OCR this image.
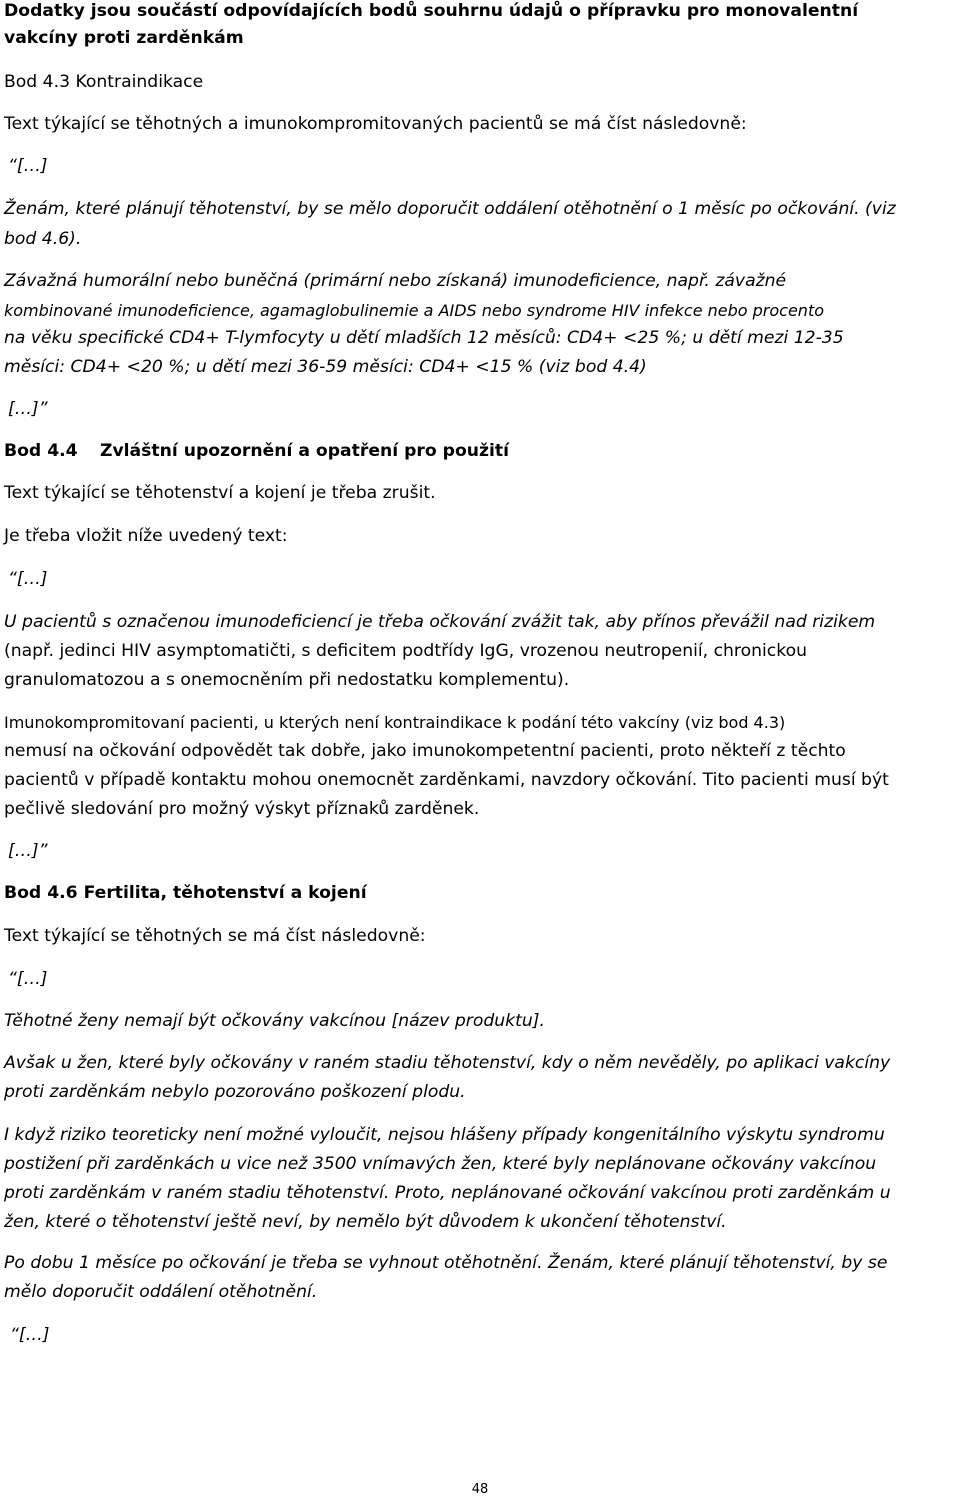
Dodatky jsou součástí odpovídajících bodů souhrnu údajů o přípravku pro monovalentní

vakcíny proti zarděnkám

Bod 4.3 Kontraindikace

Text týkající se těhotných a imunokompromitovaných pacientů se má číst následovně:

“[…]

Ženám, které plánují těhotenství, by se mělo doporučit oddálení otěhotnění o 1 měsíc po očkování. (viz

bod 4.6).

Závažná humorální nebo buněčná (primární nebo získaná) imunodeficience, např. závažné

kombinované imunodeficience, agamaglobulinemie a AIDS nebo syndrome HIV infekce nebo procento

na věku specifické CD4+ T-lymfocyty u dětí mladších 12 měsíců: CD4+ <25 %; u dětí mezi 12-35

měsíci: CD4+ <20 %; u dětí mezi 36-59 měsíci: CD4+ <15 % (viz bod 4.4)

[…]”

Bod 4.4 Zvláštní upozornění a opatření pro použití

Text týkající se těhotenství a kojení je třeba zrušit.

Je třeba vložit níže uvedený text:

“[…]

U pacientů s označenou imunodeficiencí je třeba očkování zvážit tak, aby přínos převážil nad rizikem

(např. jedinci HIV asymptomatičti, s deficitem podtřídy IgG, vrozenou neutropenií, chronickou

granulomatozou a s onemocněním při nedostatku komplementu).

Imunokompromitovaní pacienti, u kterých není kontraindikace k podání této vakcíny (viz bod 4.3)

nemusí na očkování odpovědět tak dobře, jako imunokompetentní pacienti, proto někteří z těchto

pacientů v případě kontaktu mohou onemocnět zarděnkami, navzdory očkování. Tito pacienti musí být

pečlivě sledování pro možný výskyt příznaků zarděnek.

[…]”

Bod 4.6 Fertilita, těhotenství a kojení

Text týkající se těhotných se má číst následovně:

“[…]

Těhotné ženy nemají být očkovány vakcínou [název produktu].

Avšak u žen, které byly očkovány v raném stadiu těhotenství, kdy o něm nevěděly, po aplikaci vakcíny

proti zarděnkám nebylo pozorováno poškození plodu.

I když riziko teoreticky není možné vyloučit, nejsou hlášeny případy kongenitálního výskytu syndromu

postižení při zarděnkách u vice než 3500 vnímavých žen, které byly neplánovane očkovány vakcínou

proti zarděnkám v raném stadiu těhotenství. Proto, neplánované očkování vakcínou proti zarděnkám u

žen, které o těhotenství ještě neví, by nemělo být důvodem k ukončení těhotenství.

Po dobu 1 měsíce po očkování je třeba se vyhnout otěhotnění. Ženám, které plánují těhotenství, by se

mělo doporučit oddálení otěhotnění.

“[…]

48
